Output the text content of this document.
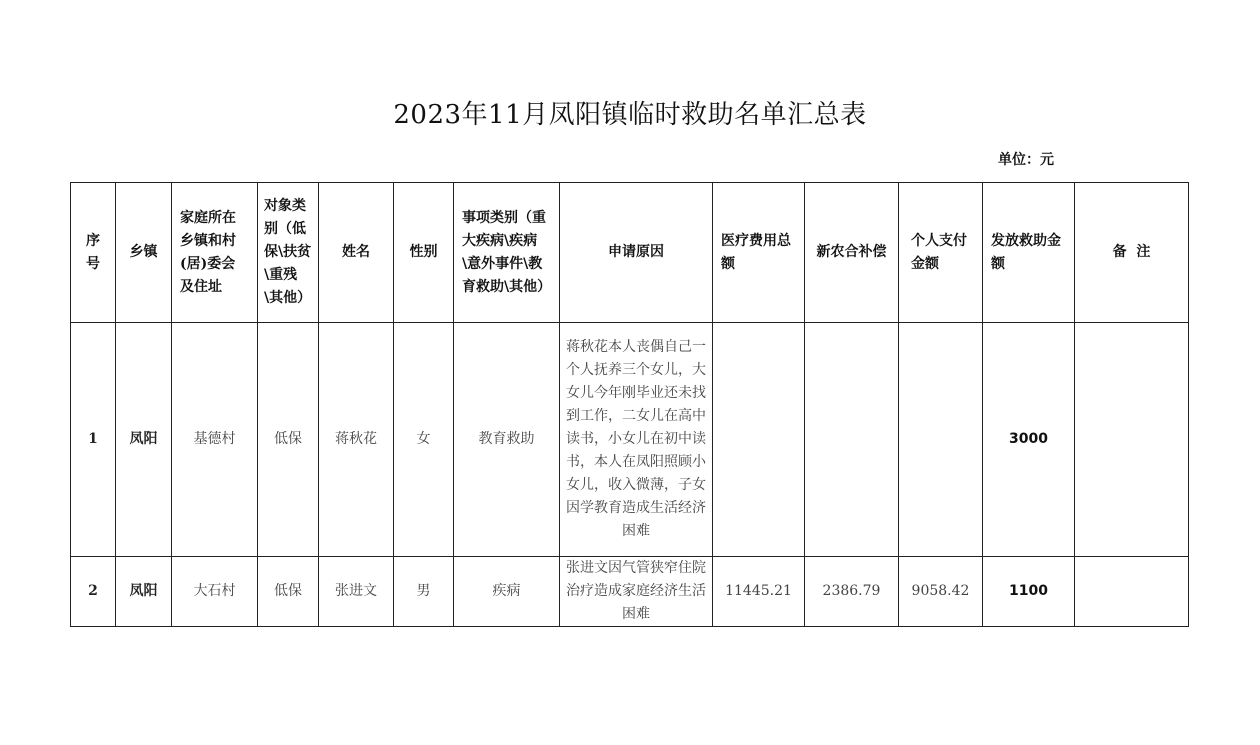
2023年11月凤阳镇临时救助名单汇总表
单位：元
序号	乡镇	家庭所在乡镇和村(居)委会及住址	对象类别（低保\扶贫\重残\其他）	姓名	性别	事项类别（重大疾病\疾病\意外事件\教育救助\其他）	申请原因	医疗费用总额	新农合补偿	个人支付金额	发放救助金额	备  注
1	凤阳	基德村	低保	蒋秋花	女	教育救助	蒋秋花本人丧偶自己一个人抚养三个女儿，大女儿今年刚毕业还未找到工作，二女儿在高中读书，小女儿在初中读书，本人在凤阳照顾小女儿，收入微薄，子女因学教育造成生活经济困难				3000	
2	凤阳	大石村	低保	张进文	男	疾病	张进文因气管狭窄住院治疗造成家庭经济生活困难	11445.21	2386.79	9058.42	1100	
